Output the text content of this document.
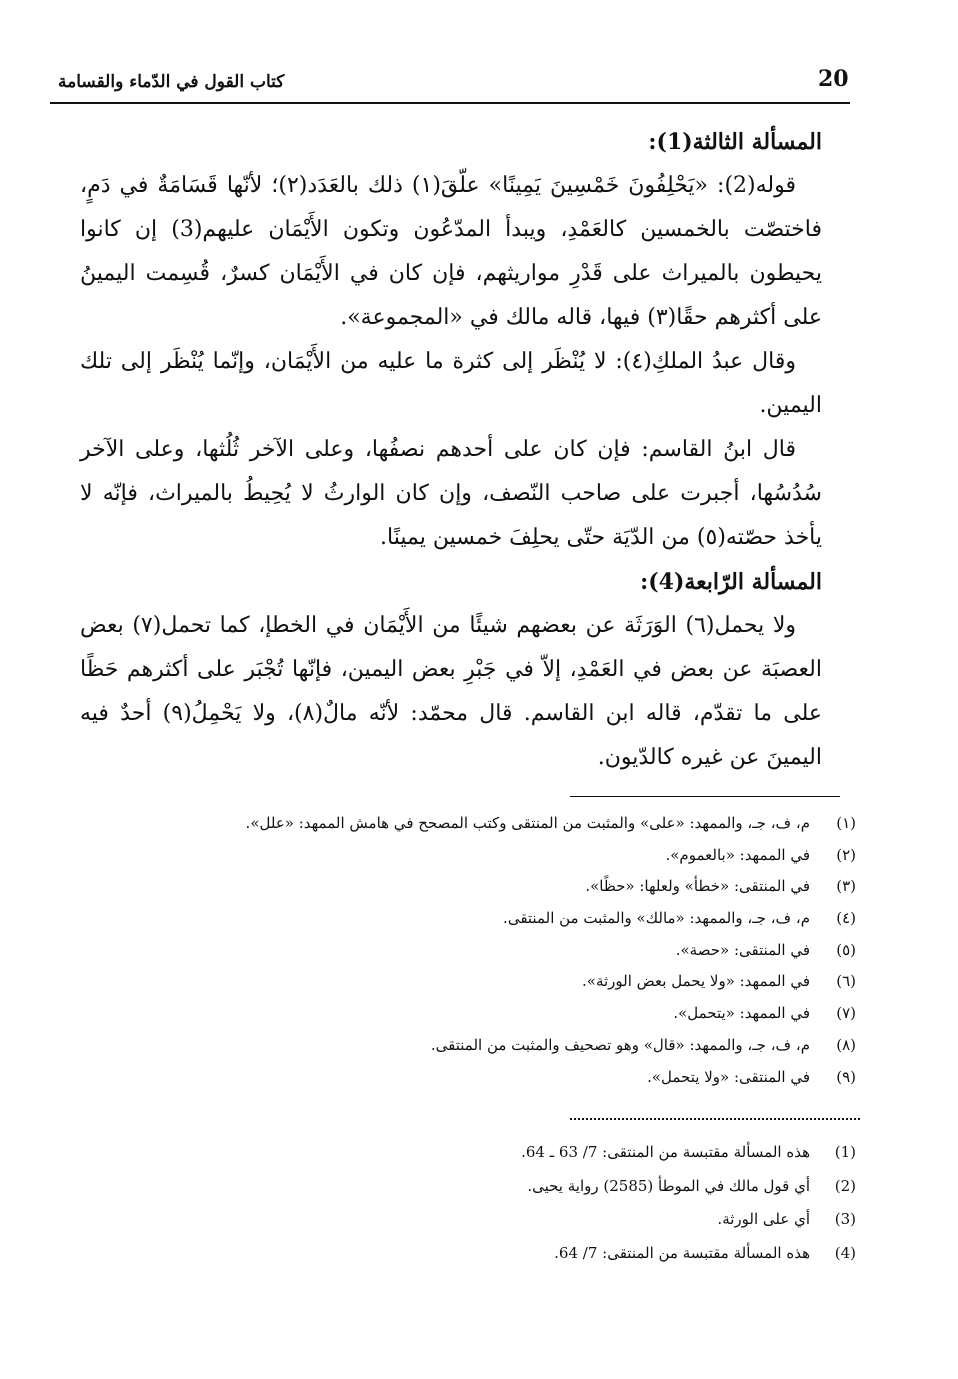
20
كتاب القول في الدّماء والقسامة

المسألة الثالثة(1):

قوله(2): «يَحْلِفُونَ خَمْسِينَ يَمِينًا» علّقَ(١) ذلك بالعَدَد(٢)؛ لأنّها قَسَامَةٌ في دَمٍ، فاختصّت بالخمسين كالعَمْدِ، ويبدأ المدّعُون وتكون الأَيْمَان عليهم(3) إن كانوا يحيطون بالميراث على قَدْرِ مواريثهم، فإن كان في الأَيْمَان كسرٌ، قُسِمت اليمينُ على أكثرهم حقًا(٣) فيها، قاله مالك في «المجموعة».

وقال عبدُ الملكِ(٤): لا يُنْظَر إلى كثرة ما عليه من الأَيْمَان، وإنّما يُنْظَر إلى تلك اليمين.

قال ابنُ القاسم: فإن كان على أحدهم نصفُها، وعلى الآخر ثُلُثها، وعلى الآخر سُدُسُها، أجبرت على صاحب النّصف، وإن كان الوارثُ لا يُحِيطُ بالميراث، فإنّه لا يأخذ حصّته(٥) من الدّيَة حتّى يحلِفَ خمسين يمينًا.

المسألة الرّابعة(4):

ولا يحمل(٦) الوَرَثَة عن بعضهم شيئًا من الأَيْمَان في الخطإ، كما تحمل(٧) بعض العصبَة عن بعض في العَمْدِ، إلاّ في جَبْرِ بعض اليمين، فإنّها تُجْبَر على أكثرهم حَظًا على ما تقدّم، قاله ابن القاسم. قال محمّد: لأنّه مالٌ(٨)، ولا يَحْمِلُ(٩) أحدٌ فيه اليمينَ عن غيره كالدّيون.

(١)
م، ف، جـ، والممهد: «على» والمثبت من المنتقى وكتب المصحح في هامش الممهد: «علل».
(٢)
في الممهد: «بالعموم».
(٣)
في المنتقى: «خطأ» ولعلها: «حظًا».
(٤)
م، ف، جـ، والممهد: «مالك» والمثبت من المنتقى.
(٥)
في المنتقى: «حصة».
(٦)
في الممهد: «ولا يحمل بعض الورثة».
(٧)
في الممهد: «يتحمل».
(٨)
م، ف، جـ، والممهد: «قال» وهو تصحيف والمثبت من المنتقى.
(٩)
في المنتقى: «ولا يتحمل».
(1)
هذه المسألة مقتبسة من المنتقى: 7/ 63 ـ 64.
(2)
أي قول مالك في الموطأ (2585) رواية يحيى.
(3)
أي على الورثة.
(4)
هذه المسألة مقتبسة من المنتقى: 7/ 64.
